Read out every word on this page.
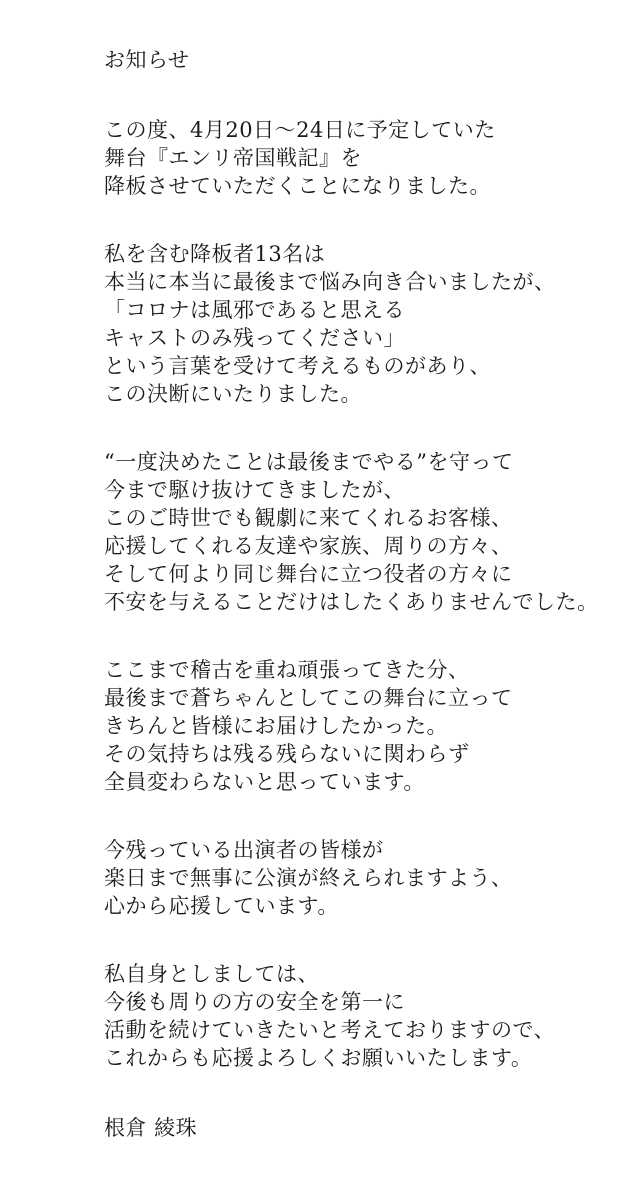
お知らせ
この度、4月20日〜24日に予定していた
舞台『エンリ帝国戦記』を
降板させていただくことになりました。
私を含む降板者13名は
本当に本当に最後まで悩み向き合いましたが、
「コロナは風邪であると思える
キャストのみ残ってください」
という言葉を受けて考えるものがあり、
この決断にいたりました。
“一度決めたことは最後までやる”を守って
今まで駆け抜けてきましたが、
このご時世でも観劇に来てくれるお客様、
応援してくれる友達や家族、周りの方々、
そして何より同じ舞台に立つ役者の方々に
不安を与えることだけはしたくありませんでした。
ここまで稽古を重ね頑張ってきた分、
最後まで蒼ちゃんとしてこの舞台に立って
きちんと皆様にお届けしたかった。
その気持ちは残る残らないに関わらず
全員変わらないと思っています。
今残っている出演者の皆様が
楽日まで無事に公演が終えられますよう、
心から応援しています。
私自身としましては、
今後も周りの方の安全を第一に
活動を続けていきたいと考えておりますので、
これからも応援よろしくお願いいたします。
根倉 綾珠
